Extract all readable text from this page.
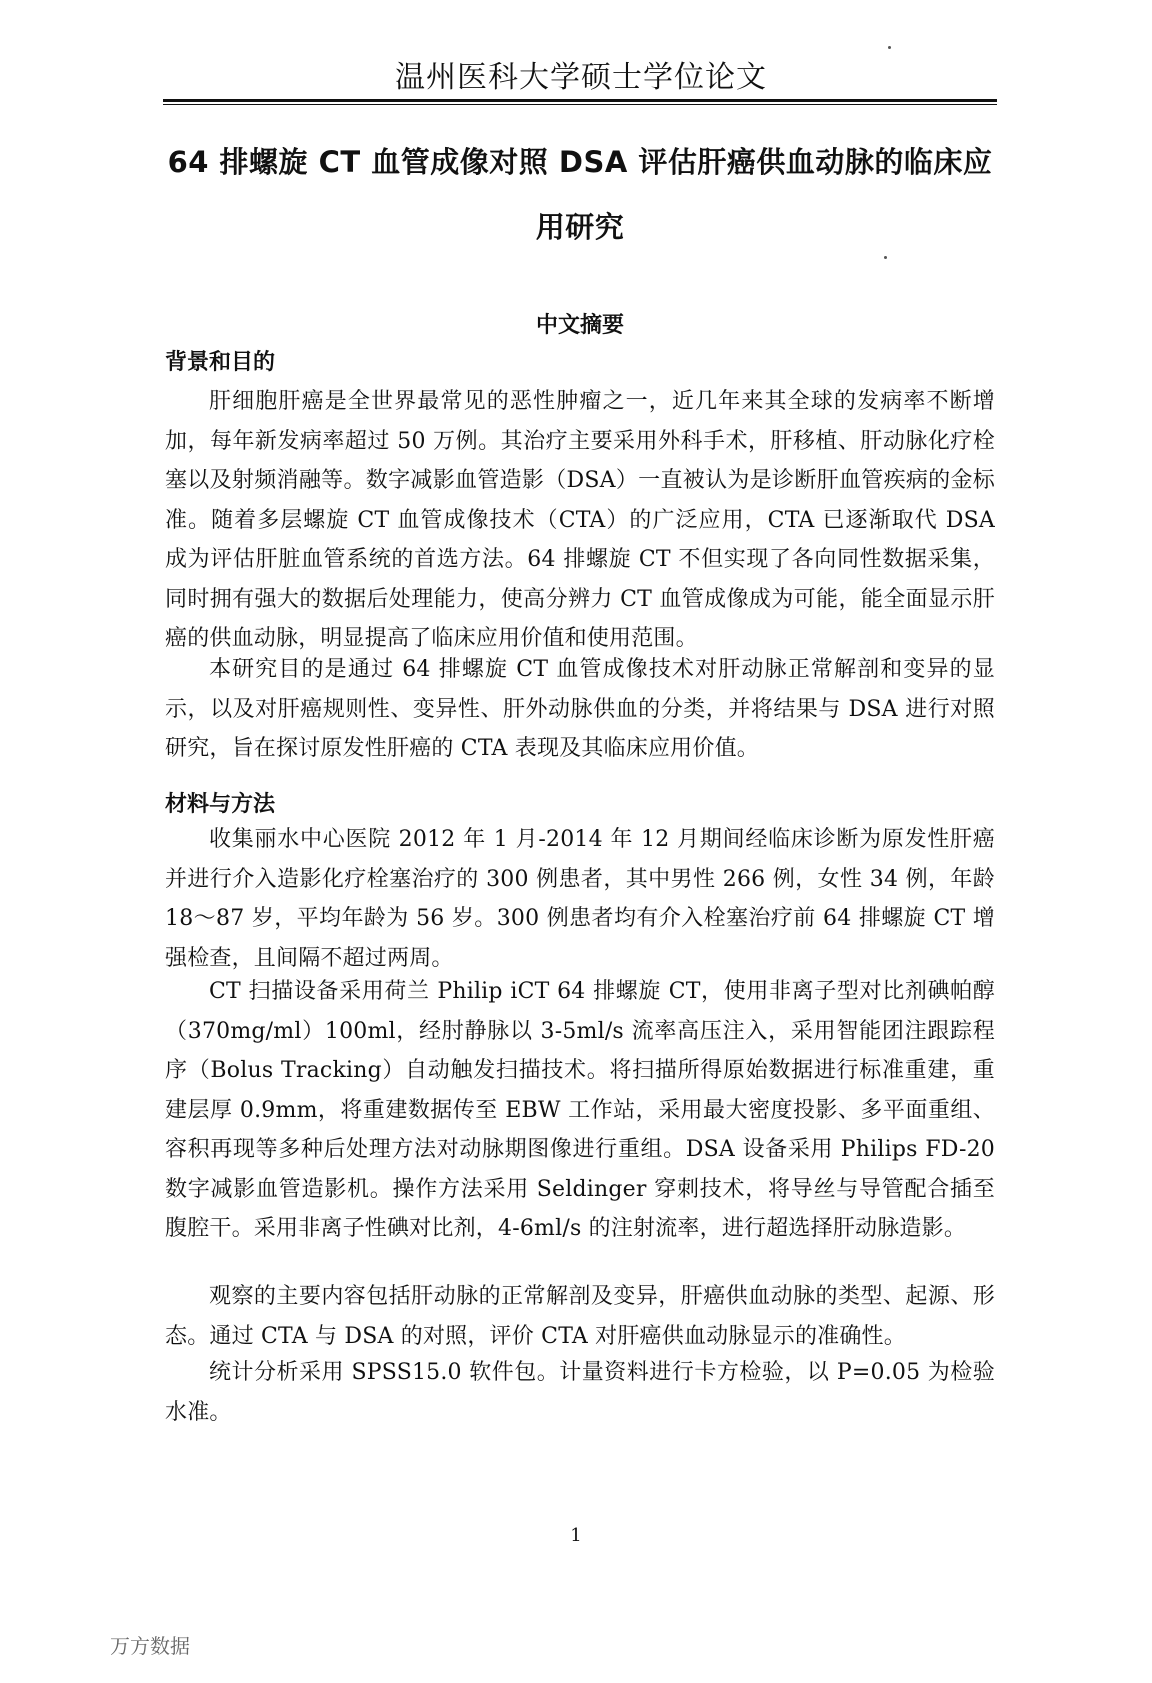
温州医科大学硕士学位论文
64 排螺旋 CT 血管成像对照 DSA 评估肝癌供血动脉的临床应用研究
中文摘要
背景和目的
肝细胞肝癌是全世界最常见的恶性肿瘤之一，近几年来其全球的发病率不断增加，每年新发病率超过 50 万例。其治疗主要采用外科手术，肝移植、肝动脉化疗栓塞以及射频消融等。数字减影血管造影（DSA）一直被认为是诊断肝血管疾病的金标准。随着多层螺旋 CT 血管成像技术（CTA）的广泛应用，CTA 已逐渐取代 DSA 成为评估肝脏血管系统的首选方法。64 排螺旋 CT 不但实现了各向同性数据采集，同时拥有强大的数据后处理能力，使高分辨力 CT 血管成像成为可能，能全面显示肝癌的供血动脉，明显提高了临床应用价值和使用范围。
本研究目的是通过 64 排螺旋 CT 血管成像技术对肝动脉正常解剖和变异的显示，以及对肝癌规则性、变异性、肝外动脉供血的分类，并将结果与 DSA 进行对照研究，旨在探讨原发性肝癌的 CTA 表现及其临床应用价值。
材料与方法
收集丽水中心医院 2012 年 1 月-2014 年 12 月期间经临床诊断为原发性肝癌并进行介入造影化疗栓塞治疗的 300 例患者，其中男性 266 例，女性 34 例，年龄 18～87 岁，平均年龄为 56 岁。300 例患者均有介入栓塞治疗前 64 排螺旋 CT 增强检查，且间隔不超过两周。
CT 扫描设备采用荷兰 Philip iCT 64 排螺旋 CT，使用非离子型对比剂碘帕醇（370mg/ml）100ml，经肘静脉以 3-5ml/s 流率高压注入，采用智能团注跟踪程序（Bolus Tracking）自动触发扫描技术。将扫描所得原始数据进行标准重建，重建层厚 0.9mm，将重建数据传至 EBW 工作站，采用最大密度投影、多平面重组、容积再现等多种后处理方法对动脉期图像进行重组。DSA 设备采用 Philips FD-20 数字减影血管造影机。操作方法采用 Seldinger 穿刺技术，将导丝与导管配合插至腹腔干。采用非离子性碘对比剂，4-6ml/s 的注射流率，进行超选择肝动脉造影。
观察的主要内容包括肝动脉的正常解剖及变异，肝癌供血动脉的类型、起源、形态。通过 CTA 与 DSA 的对照，评价 CTA 对肝癌供血动脉显示的准确性。
统计分析采用 SPSS15.0 软件包。计量资料进行卡方检验，以 P=0.05 为检验水准。
1
万方数据
